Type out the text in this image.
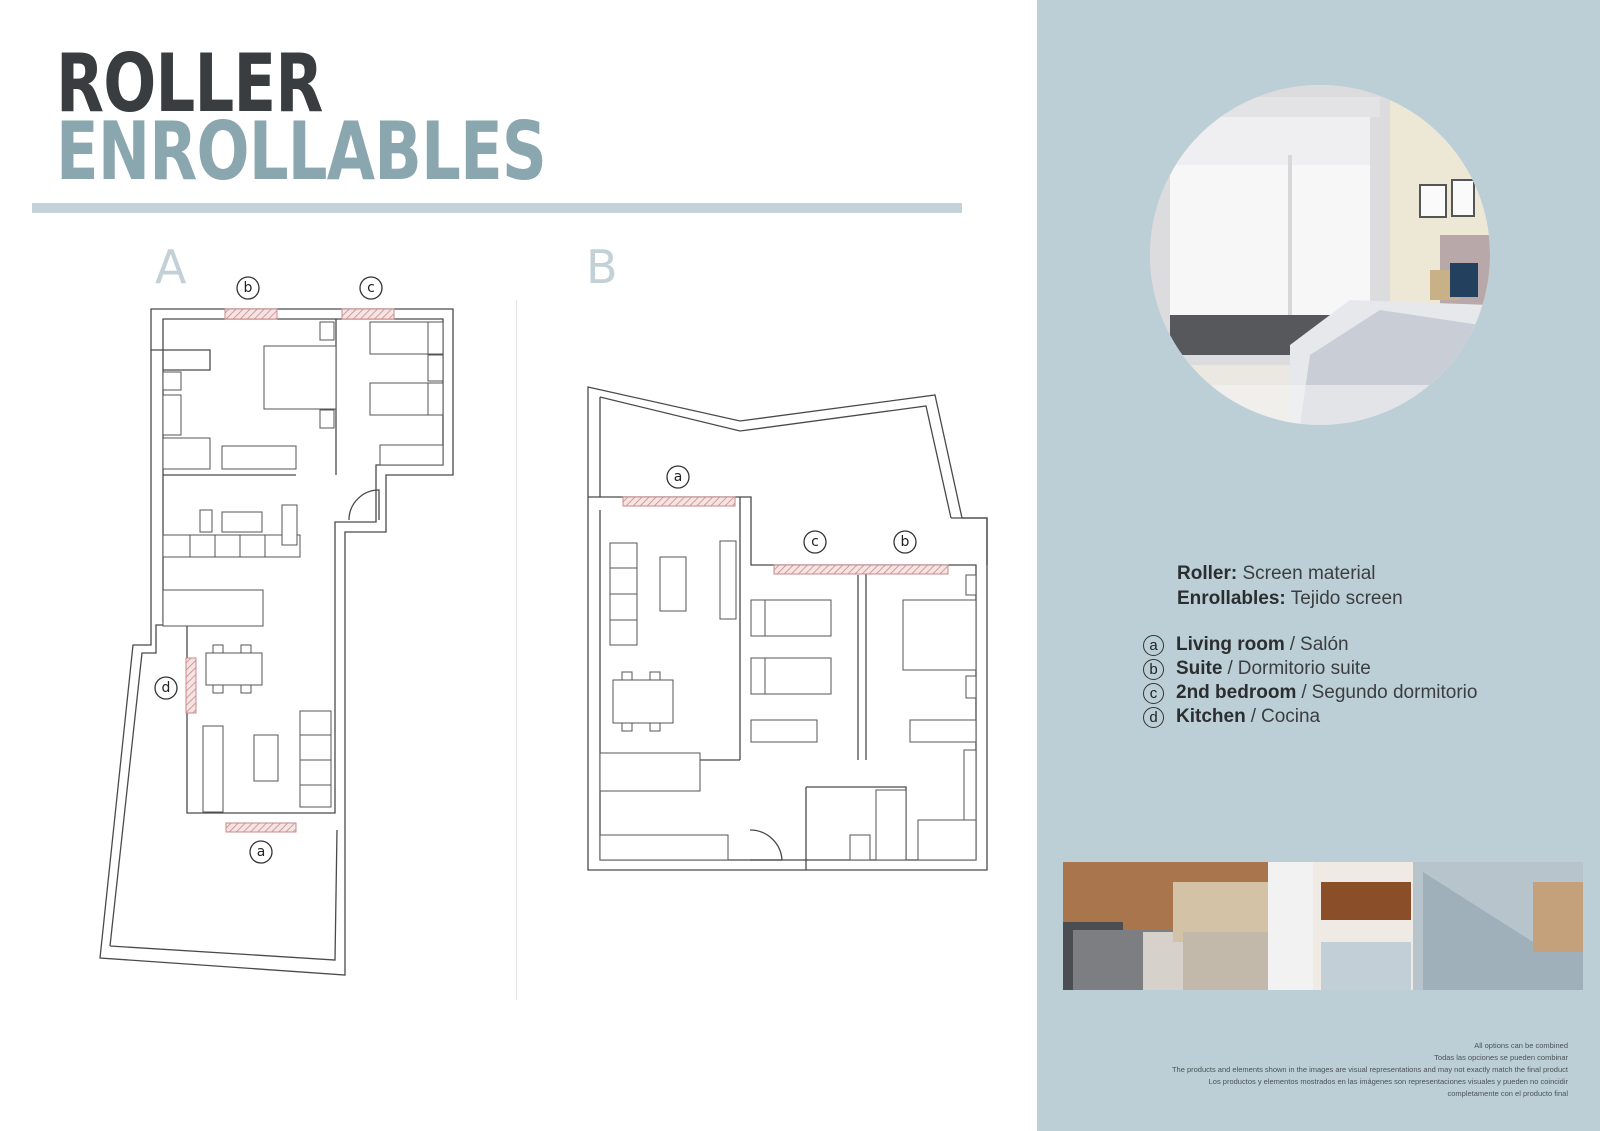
ROLLER
ENROLLABLES
A	B
b	c
d
a
a
c	b
Roller: Screen material
Enrollables: Tejido screen
a Living room / Salón
b Suite / Dormitorio suite
c 2nd bedroom / Segundo dormitorio
d Kitchen / Cocina
All options can be combined
Todas las opciones se pueden combinar
The products and elements shown in the images are visual representations and may not exactly match the final product
Los productos y elementos mostrados en las imágenes son representaciones visuales y pueden no coincidir
completamente con el producto final
